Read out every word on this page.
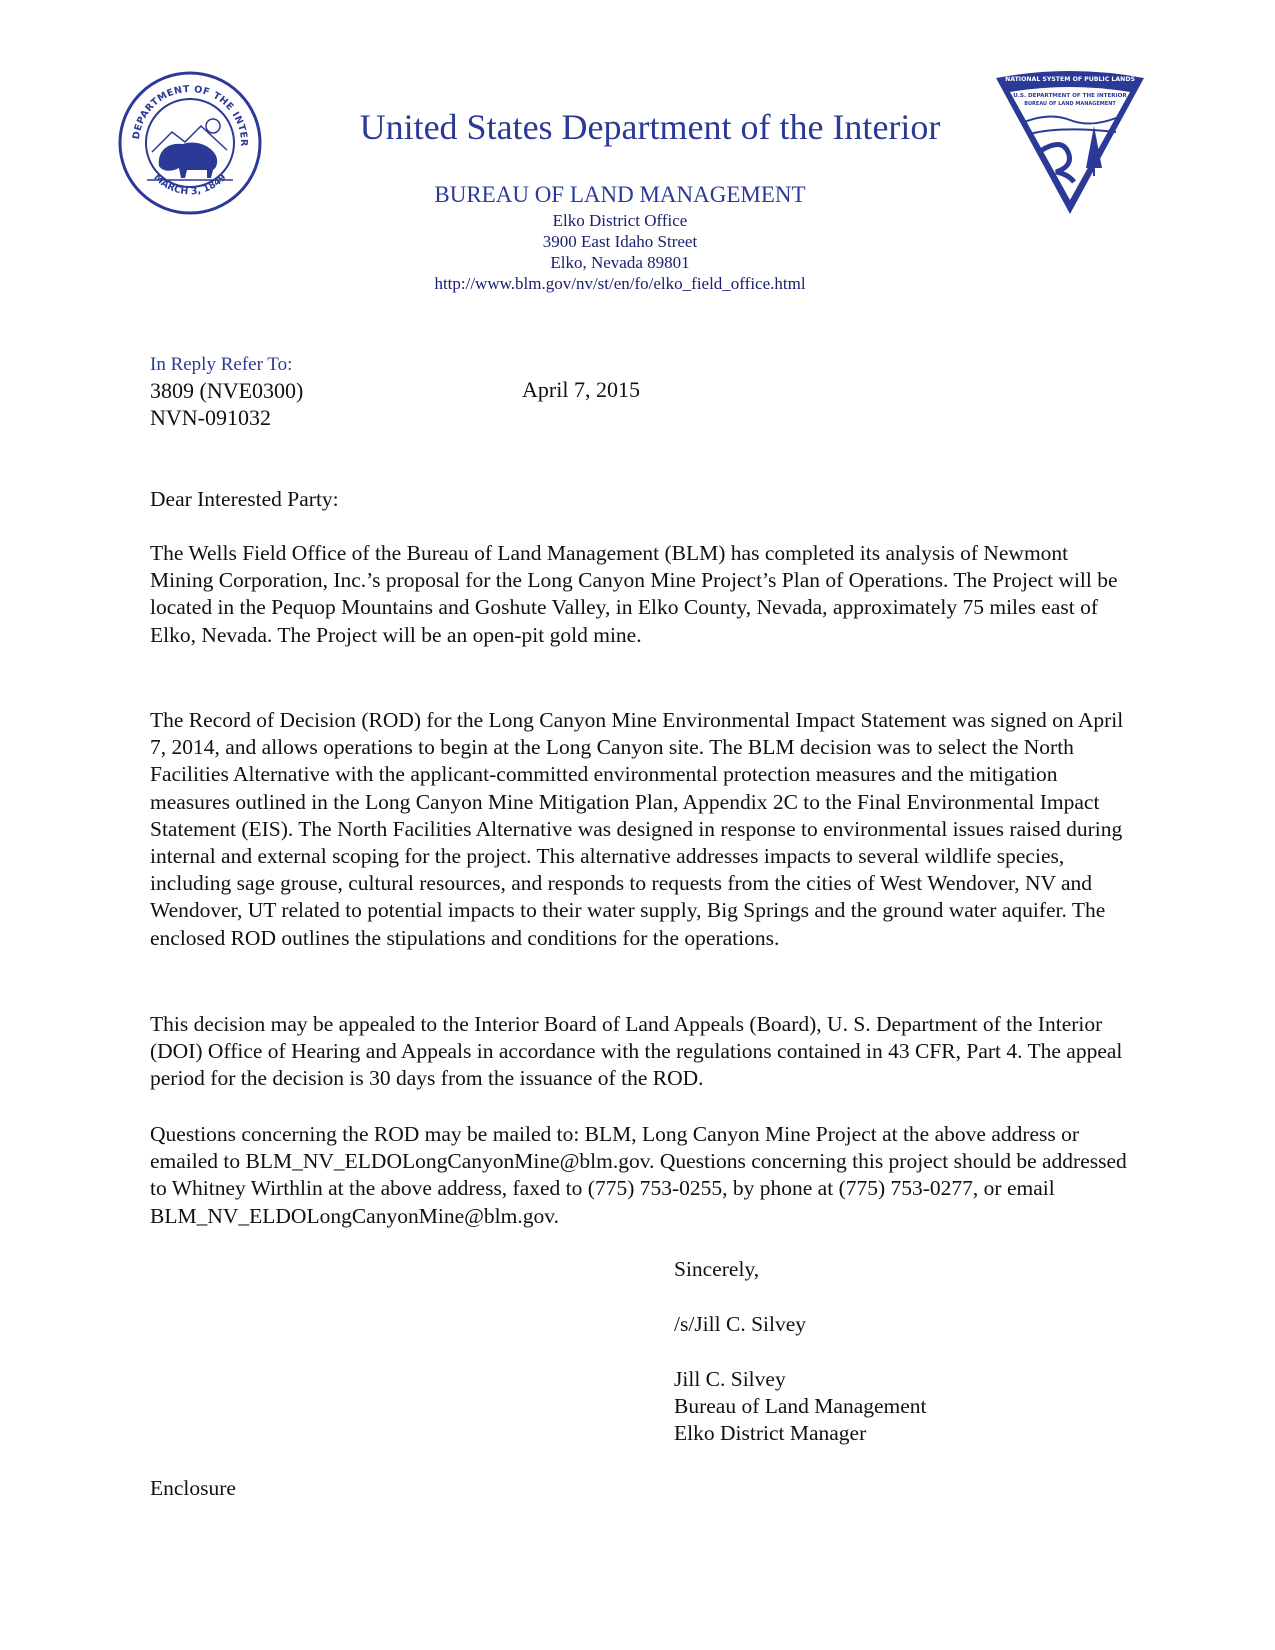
DEPARTMENT OF THE INTER
MARCH 3, 1849
United States Department of the Interior
NATIONAL SYSTEM OF PUBLIC LANDS
U.S. DEPARTMENT OF THE INTERIOR
BUREAU OF LAND MANAGEMENT
BUREAU OF LAND MANAGEMENT
Elko District Office
3900 East Idaho Street
Elko, Nevada 89801
http://www.blm.gov/nv/st/en/fo/elko_field_office.html
In Reply Refer To:
3809 (NVE0300)
NVN-091032
April 7, 2015

Dear Interested Party:

The Wells Field Office of the Bureau of Land Management (BLM) has completed its analysis of Newmont Mining Corporation, Inc.’s proposal for the Long Canyon Mine Project’s Plan of Operations. The Project will be located in the Pequop Mountains and Goshute Valley, in Elko County, Nevada, approximately 75 miles east of Elko, Nevada. The Project will be an open-pit gold mine.

The Record of Decision (ROD) for the Long Canyon Mine Environmental Impact Statement was signed on April 7, 2014, and allows operations to begin at the Long Canyon site. The BLM decision was to select the North Facilities Alternative with the applicant-committed environmental protection measures and the mitigation measures outlined in the Long Canyon Mine Mitigation Plan, Appendix 2C to the Final Environmental Impact Statement (EIS). The North Facilities Alternative was designed in response to environmental issues raised during internal and external scoping for the project. This alternative addresses impacts to several wildlife species, including sage grouse, cultural resources, and responds to requests from the cities of West Wendover, NV and Wendover, UT related to potential impacts to their water supply, Big Springs and the ground water aquifer. The enclosed ROD outlines the stipulations and conditions for the operations.

This decision may be appealed to the Interior Board of Land Appeals (Board), U. S. Department of the Interior (DOI) Office of Hearing and Appeals in accordance with the regulations contained in 43 CFR, Part 4. The appeal period for the decision is 30 days from the issuance of the ROD.

Questions concerning the ROD may be mailed to: BLM, Long Canyon Mine Project at the above address or emailed to BLM_NV_ELDOLongCanyonMine@blm.gov. Questions concerning this project should be addressed to Whitney Wirthlin at the above address, faxed to (775) 753-0255, by phone at (775) 753-0277, or email BLM_NV_ELDOLongCanyonMine@blm.gov.

Sincerely,
/s/Jill C. Silvey
Jill C. Silvey
Bureau of Land Management
Elko District Manager
Enclosure
